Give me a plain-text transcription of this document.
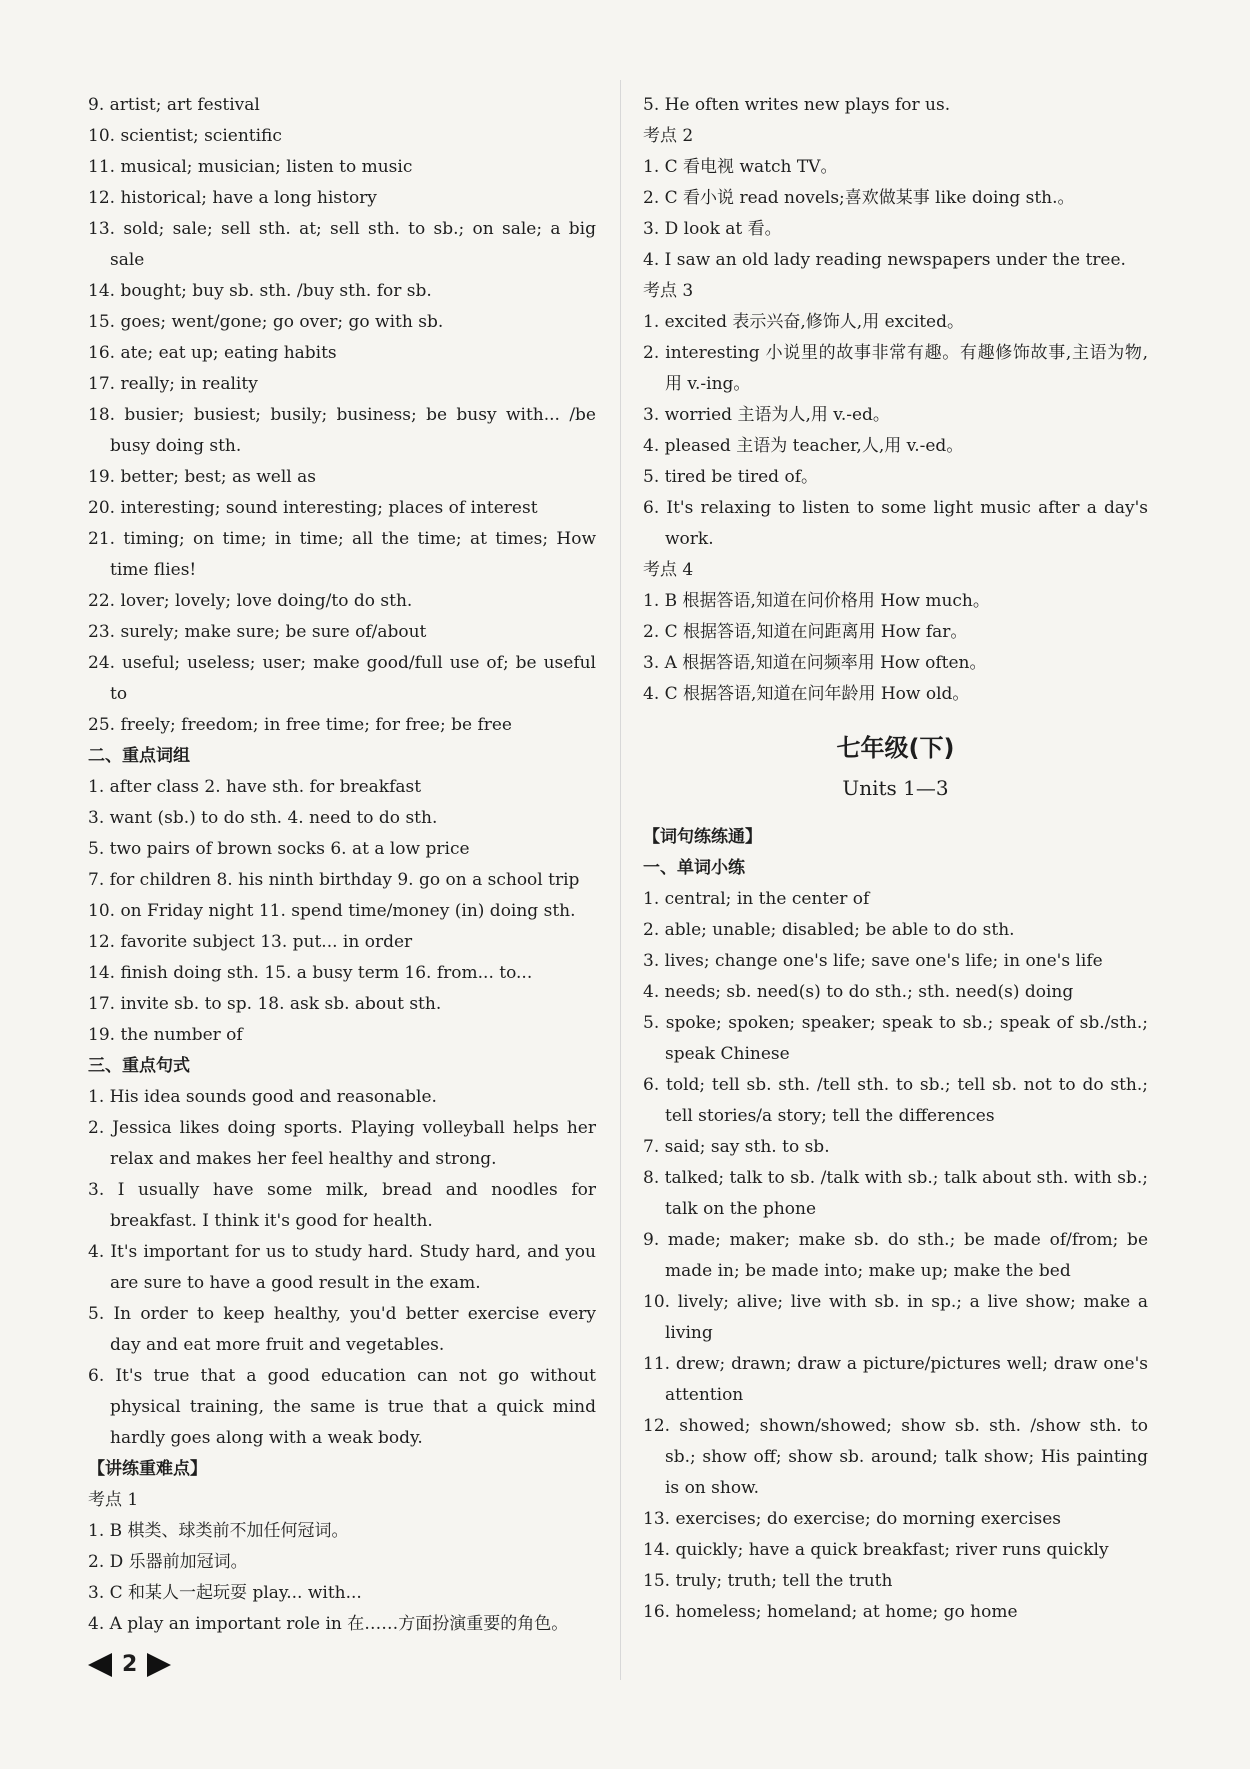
9. artist; art festival
10. scientist; scientific
11. musical; musician; listen to music
12. historical; have a long history
13. sold; sale; sell sth. at; sell sth. to sb.; on sale; a big sale
14. bought; buy sb. sth. /buy sth. for sb.
15. goes; went/gone; go over; go with sb.
16. ate; eat up; eating habits
17. really; in reality
18. busier; busiest; busily; business; be busy with... /be busy doing sth.
19. better; best; as well as
20. interesting; sound interesting; places of interest
21. timing; on time; in time; all the time; at times; How time flies!
22. lover; lovely; love doing/to do sth.
23. surely; make sure; be sure of/about
24. useful; useless; user; make good/full use of; be useful to
25. freely; freedom; in free time; for free; be free
二、重点词组
1. after class 2. have sth. for breakfast
3. want (sb.) to do sth. 4. need to do sth.
5. two pairs of brown socks 6. at a low price
7. for children 8. his ninth birthday 9. go on a school trip
10. on Friday night 11. spend time/money (in) doing sth.
12. favorite subject 13. put... in order
14. finish doing sth. 15. a busy term 16. from... to...
17. invite sb. to sp. 18. ask sb. about sth.
19. the number of
三、重点句式
1. His idea sounds good and reasonable.
2. Jessica likes doing sports. Playing volleyball helps her relax and makes her feel healthy and strong.
3. I usually have some milk, bread and noodles for breakfast. I think it's good for health.
4. It's important for us to study hard. Study hard, and you are sure to have a good result in the exam.
5. In order to keep healthy, you'd better exercise every day and eat more fruit and vegetables.
6. It's true that a good education can not go without physical training, the same is true that a quick mind hardly goes along with a weak body.
【讲练重难点】
考点 1
1. B 棋类、球类前不加任何冠词。
2. D 乐器前加冠词。
3. C 和某人一起玩耍 play... with...
4. A play an important role in 在……方面扮演重要的角色。
5. He often writes new plays for us.
考点 2
1. C 看电视 watch TV。
2. C 看小说 read novels;喜欢做某事 like doing sth.。
3. D look at 看。
4. I saw an old lady reading newspapers under the tree.
考点 3
1. excited 表示兴奋,修饰人,用 excited。
2. interesting 小说里的故事非常有趣。有趣修饰故事,主语为物,用 v.-ing。
3. worried 主语为人,用 v.-ed。
4. pleased 主语为 teacher,人,用 v.-ed。
5. tired be tired of。
6. It's relaxing to listen to some light music after a day's work.
考点 4
1. B 根据答语,知道在问价格用 How much。
2. C 根据答语,知道在问距离用 How far。
3. A 根据答语,知道在问频率用 How often。
4. C 根据答语,知道在问年龄用 How old。
七年级(下)
Units 1—3
【词句练练通】
一、单词小练
1. central; in the center of
2. able; unable; disabled; be able to do sth.
3. lives; change one's life; save one's life; in one's life
4. needs; sb. need(s) to do sth.; sth. need(s) doing
5. spoke; spoken; speaker; speak to sb.; speak of sb./sth.; speak Chinese
6. told; tell sb. sth. /tell sth. to sb.; tell sb. not to do sth.; tell stories/a story; tell the differences
7. said; say sth. to sb.
8. talked; talk to sb. /talk with sb.; talk about sth. with sb.; talk on the phone
9. made; maker; make sb. do sth.; be made of/from; be made in; be made into; make up; make the bed
10. lively; alive; live with sb. in sp.; a live show; make a living
11. drew; drawn; draw a picture/pictures well; draw one's attention
12. showed; shown/showed; show sb. sth. /show sth. to sb.; show off; show sb. around; talk show; His painting is on show.
13. exercises; do exercise; do morning exercises
14. quickly; have a quick breakfast; river runs quickly
15. truly; truth; tell the truth
16. homeless; homeland; at home; go home
2
